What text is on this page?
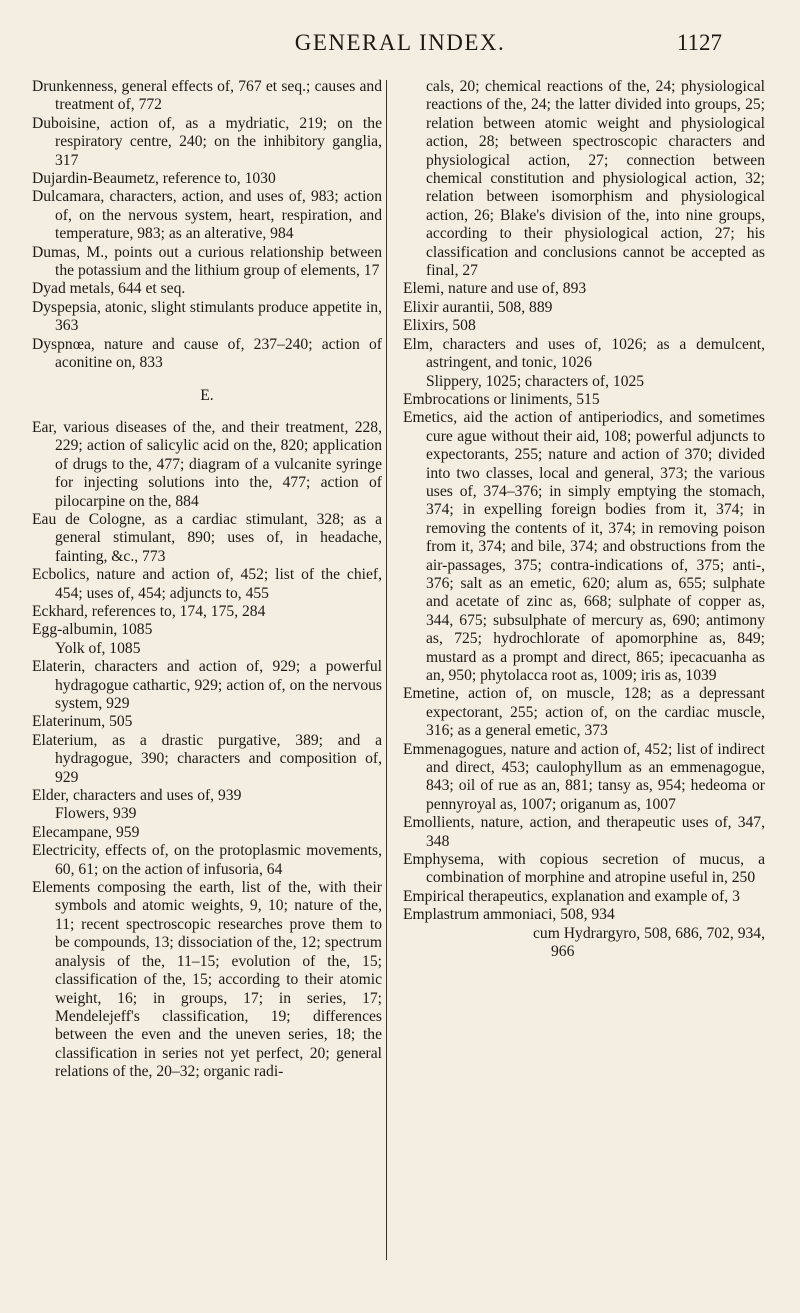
GENERAL INDEX.	1127

Drunkenness, general effects of, 767 et seq.; causes and treatment of, 772

Duboisine, action of, as a mydriatic, 219; on the respiratory centre, 240; on the inhibitory ganglia, 317

Dujardin-Beaumetz, reference to, 1030

Dulcamara, characters, action, and uses of, 983; action of, on the nervous system, heart, respiration, and temperature, 983; as an alterative, 984

Dumas, M., points out a curious relationship between the potassium and the lithium group of elements, 17

Dyad metals, 644 et seq.

Dyspepsia, atonic, slight stimulants produce appetite in, 363

Dyspnœa, nature and cause of, 237–240; action of aconitine on, 833

E.

Ear, various diseases of the, and their treatment, 228, 229; action of salicylic acid on the, 820; application of drugs to the, 477; diagram of a vulcanite syringe for injecting solutions into the, 477; action of pilocarpine on the, 884

Eau de Cologne, as a cardiac stimulant, 328; as a general stimulant, 890; uses of, in headache, fainting, &c., 773

Ecbolics, nature and action of, 452; list of the chief, 454; uses of, 454; adjuncts to, 455

Eckhard, references to, 174, 175, 284

Egg-albumin, 1085

Yolk of, 1085

Elaterin, characters and action of, 929; a powerful hydragogue cathartic, 929; action of, on the nervous system, 929

Elaterinum, 505

Elaterium, as a drastic purgative, 389; and a hydragogue, 390; characters and composition of, 929

Elder, characters and uses of, 939

Flowers, 939

Elecampane, 959

Electricity, effects of, on the protoplasmic movements, 60, 61; on the action of infusoria, 64

Elements composing the earth, list of the, with their symbols and atomic weights, 9, 10; nature of the, 11; recent spectroscopic researches prove them to be compounds, 13; dissociation of the, 12; spectrum analysis of the, 11–15; evolution of the, 15; classification of the, 15; according to their atomic weight, 16; in groups, 17; in series, 17; Mendelejeff's classification, 19; differences between the even and the uneven series, 18; the classification in series not yet perfect, 20; general relations of the, 20–32; organic radi-

cals, 20; chemical reactions of the, 24; physiological reactions of the, 24; the latter divided into groups, 25; relation between atomic weight and physiological action, 28; between spectroscopic characters and physiological action, 27; connection between chemical constitution and physiological action, 32; relation between isomorphism and physiological action, 26; Blake's division of the, into nine groups, according to their physiological action, 27; his classification and conclusions cannot be accepted as final, 27

Elemi, nature and use of, 893

Elixir aurantii, 508, 889

Elixirs, 508

Elm, characters and uses of, 1026; as a demulcent, astringent, and tonic, 1026

Slippery, 1025; characters of, 1025

Embrocations or liniments, 515

Emetics, aid the action of antiperiodics, and sometimes cure ague without their aid, 108; powerful adjuncts to expectorants, 255; nature and action of 370; divided into two classes, local and general, 373; the various uses of, 374–376; in simply emptying the stomach, 374; in expelling foreign bodies from it, 374; in removing the contents of it, 374; in removing poison from it, 374; and bile, 374; and obstructions from the air-passages, 375; contra-indications of, 375; anti-, 376; salt as an emetic, 620; alum as, 655; sulphate and acetate of zinc as, 668; sulphate of copper as, 344, 675; subsulphate of mercury as, 690; antimony as, 725; hydrochlorate of apomorphine as, 849; mustard as a prompt and direct, 865; ipecacuanha as an, 950; phytolacca root as, 1009; iris as, 1039

Emetine, action of, on muscle, 128; as a depressant expectorant, 255; action of, on the cardiac muscle, 316; as a general emetic, 373

Emmenagogues, nature and action of, 452; list of indirect and direct, 453; caulophyllum as an emmenagogue, 843; oil of rue as an, 881; tansy as, 954; hedeoma or pennyroyal as, 1007; origanum as, 1007

Emollients, nature, action, and therapeutic uses of, 347, 348

Emphysema, with copious secretion of mucus, a combination of morphine and atropine useful in, 250

Empirical therapeutics, explanation and example of, 3

Emplastrum ammoniaci, 508, 934

cum Hydrargyro, 508, 686, 702, 934, 966
